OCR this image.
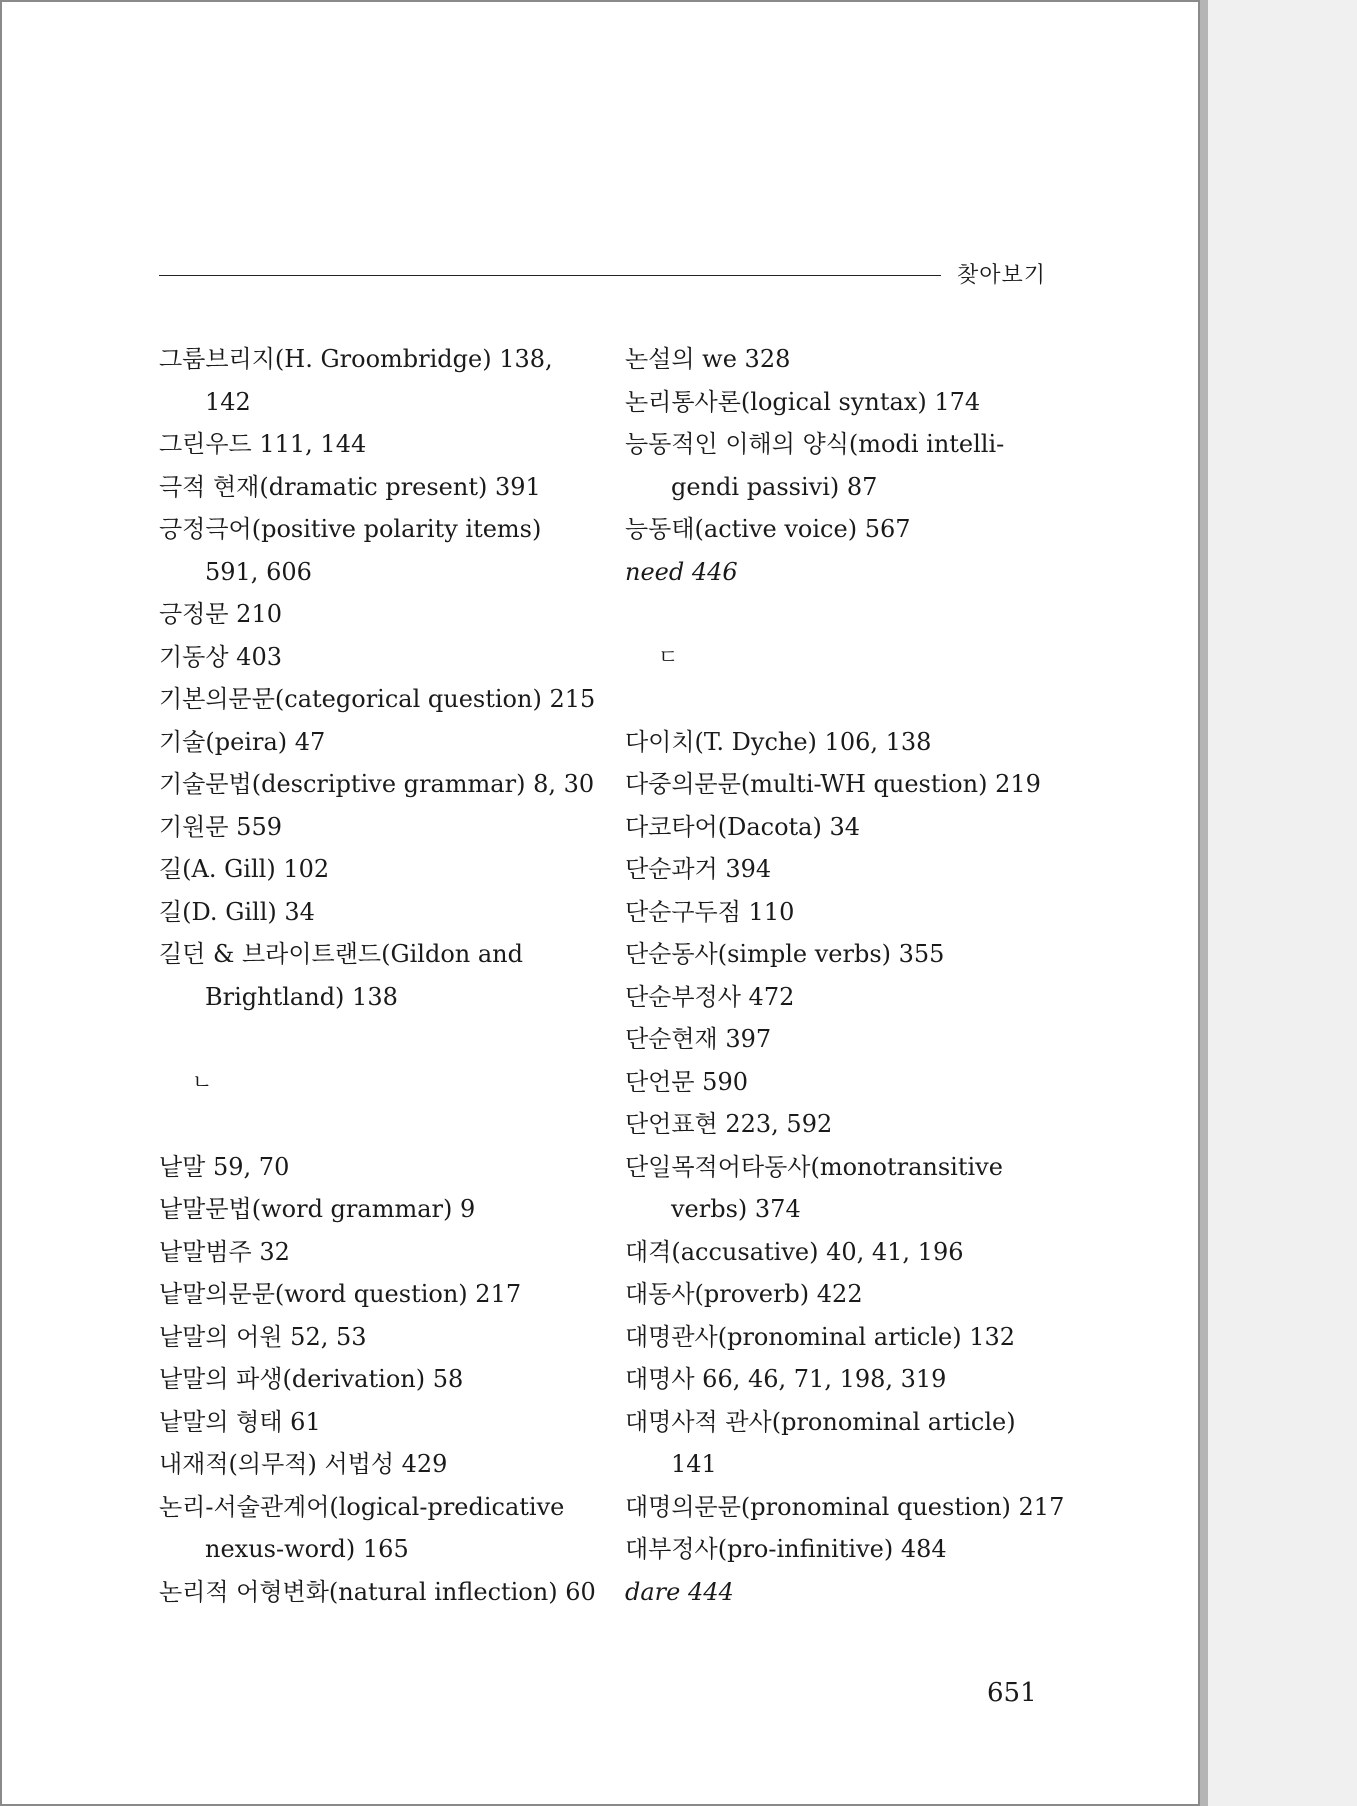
찾아보기
그룸브리지(H. Groombridge) 138,
142
그린우드 111, 144
극적 현재(dramatic present) 391
긍정극어(positive polarity items)
591, 606
긍정문 210
기동상 403
기본의문문(categorical question) 215
기술(peira) 47
기술문법(descriptive grammar) 8, 30
기원문 559
길(A. Gill) 102
길(D. Gill) 34
길던 & 브라이트랜드(Gildon and
Brightland) 138
ㄴ
낱말 59, 70
낱말문법(word grammar) 9
낱말범주 32
낱말의문문(word question) 217
낱말의 어원 52, 53
낱말의 파생(derivation) 58
낱말의 형태 61
내재적(의무적) 서법성 429
논리-서술관계어(logical-predicative
nexus-word) 165
논리적 어형변화(natural inflection) 60
논설의 we 328
논리통사론(logical syntax) 174
능동적인 이해의 양식(modi intelli-
gendi passivi) 87
능동태(active voice) 567
need 446
ㄷ
다이치(T. Dyche) 106, 138
다중의문문(multi-WH question) 219
다코타어(Dacota) 34
단순과거 394
단순구두점 110
단순동사(simple verbs) 355
단순부정사 472
단순현재 397
단언문 590
단언표현 223, 592
단일목적어타동사(monotransitive
verbs) 374
대격(accusative) 40, 41, 196
대동사(proverb) 422
대명관사(pronominal article) 132
대명사 66, 46, 71, 198, 319
대명사적 관사(pronominal article)
141
대명의문문(pronominal question) 217
대부정사(pro-infinitive) 484
dare 444
651
